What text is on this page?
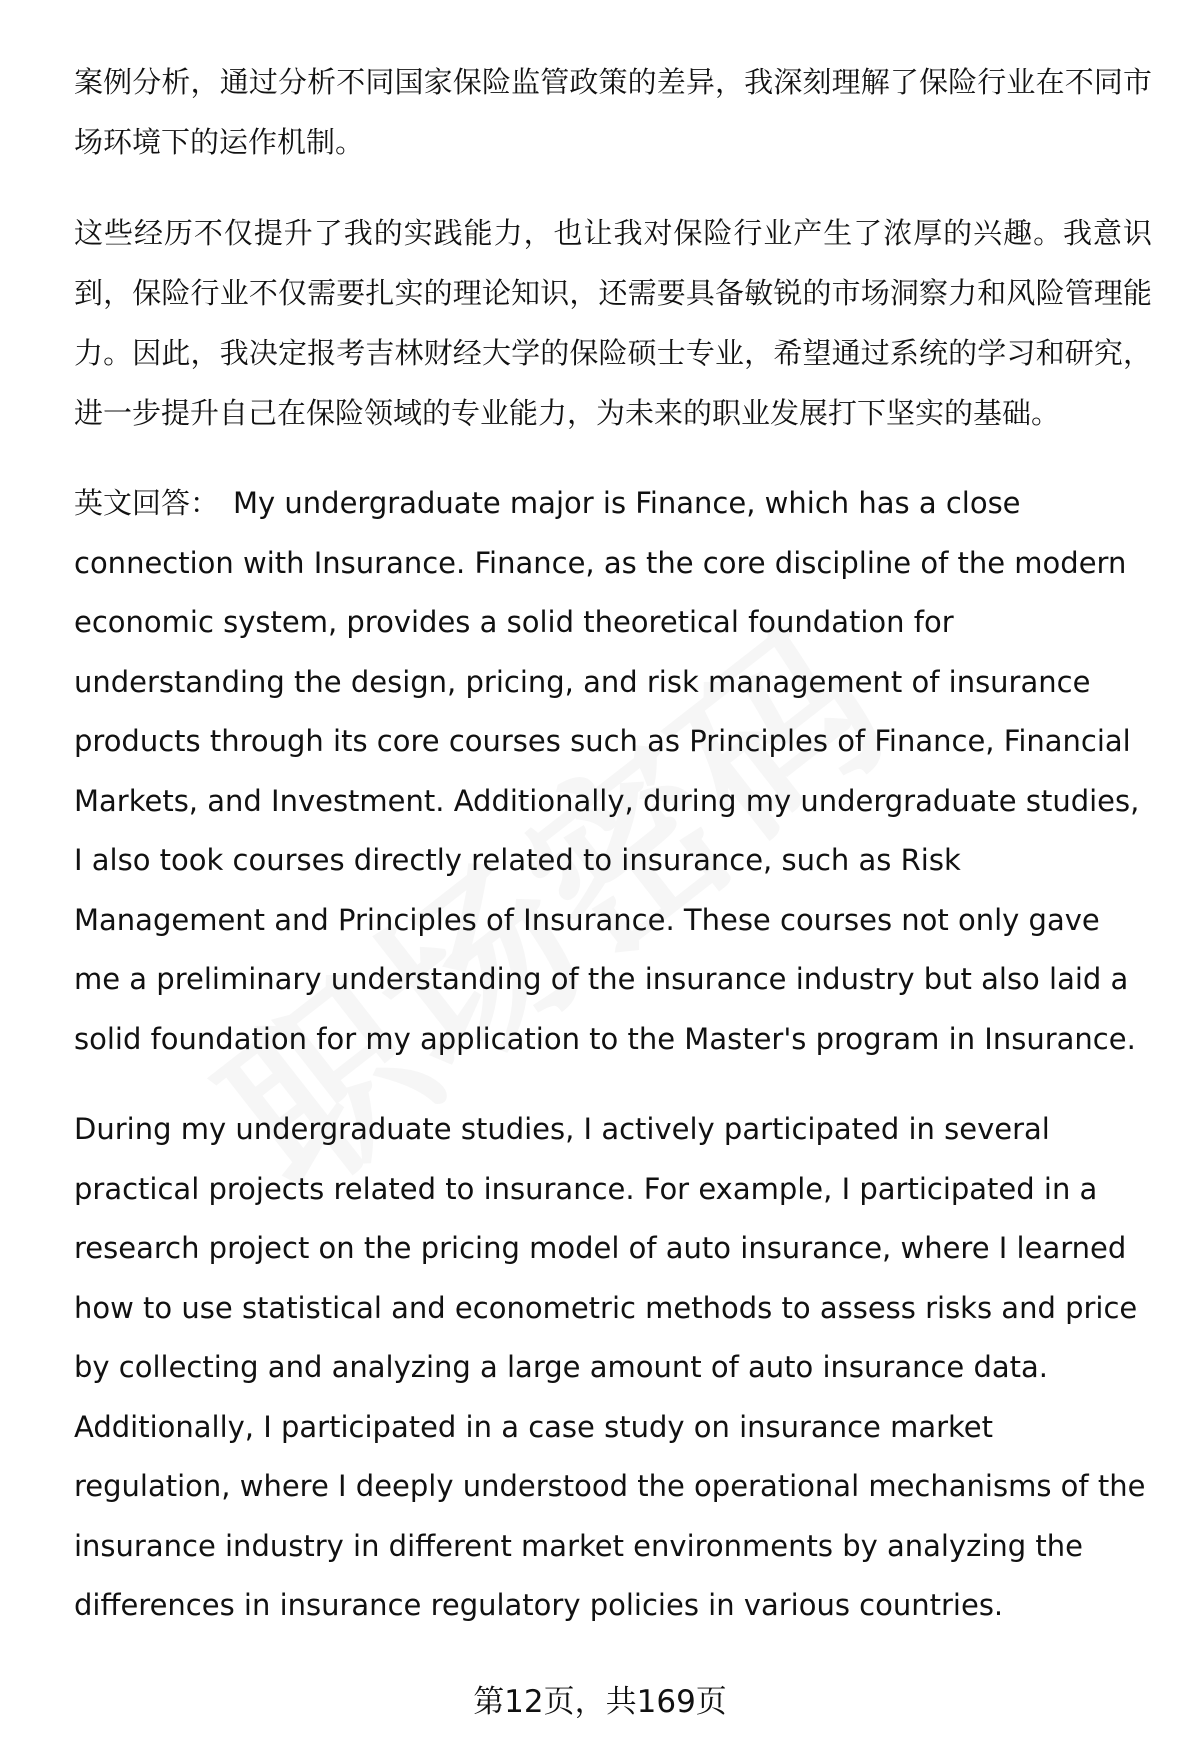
案例分析，通过分析不同国家保险监管政策的差异，我深刻理解了保险行业在不同市场环境下的运作机制。

这些经历不仅提升了我的实践能力，也让我对保险行业产生了浓厚的兴趣。我意识到，保险行业不仅需要扎实的理论知识，还需要具备敏锐的市场洞察力和风险管理能力。因此，我决定报考吉林财经大学的保险硕士专业，希望通过系统的学习和研究，进一步提升自己在保险领域的专业能力，为未来的职业发展打下坚实的基础。

英文回答： My undergraduate major is Finance, which has a close connection with Insurance. Finance, as the core discipline of the modern economic system, provides a solid theoretical foundation for understanding the design, pricing, and risk management of insurance products through its core courses such as Principles of Finance, Financial Markets, and Investment. Additionally, during my undergraduate studies, I also took courses directly related to insurance, such as Risk Management and Principles of Insurance. These courses not only gave me a preliminary understanding of the insurance industry but also laid a solid foundation for my application to the Master's program in Insurance.

During my undergraduate studies, I actively participated in several practical projects related to insurance. For example, I participated in a research project on the pricing model of auto insurance, where I learned how to use statistical and econometric methods to assess risks and price by collecting and analyzing a large amount of auto insurance data. Additionally, I participated in a case study on insurance market regulation, where I deeply understood the operational mechanisms of the insurance industry in different market environments by analyzing the differences in insurance regulatory policies in various countries.

第12页，共169页
